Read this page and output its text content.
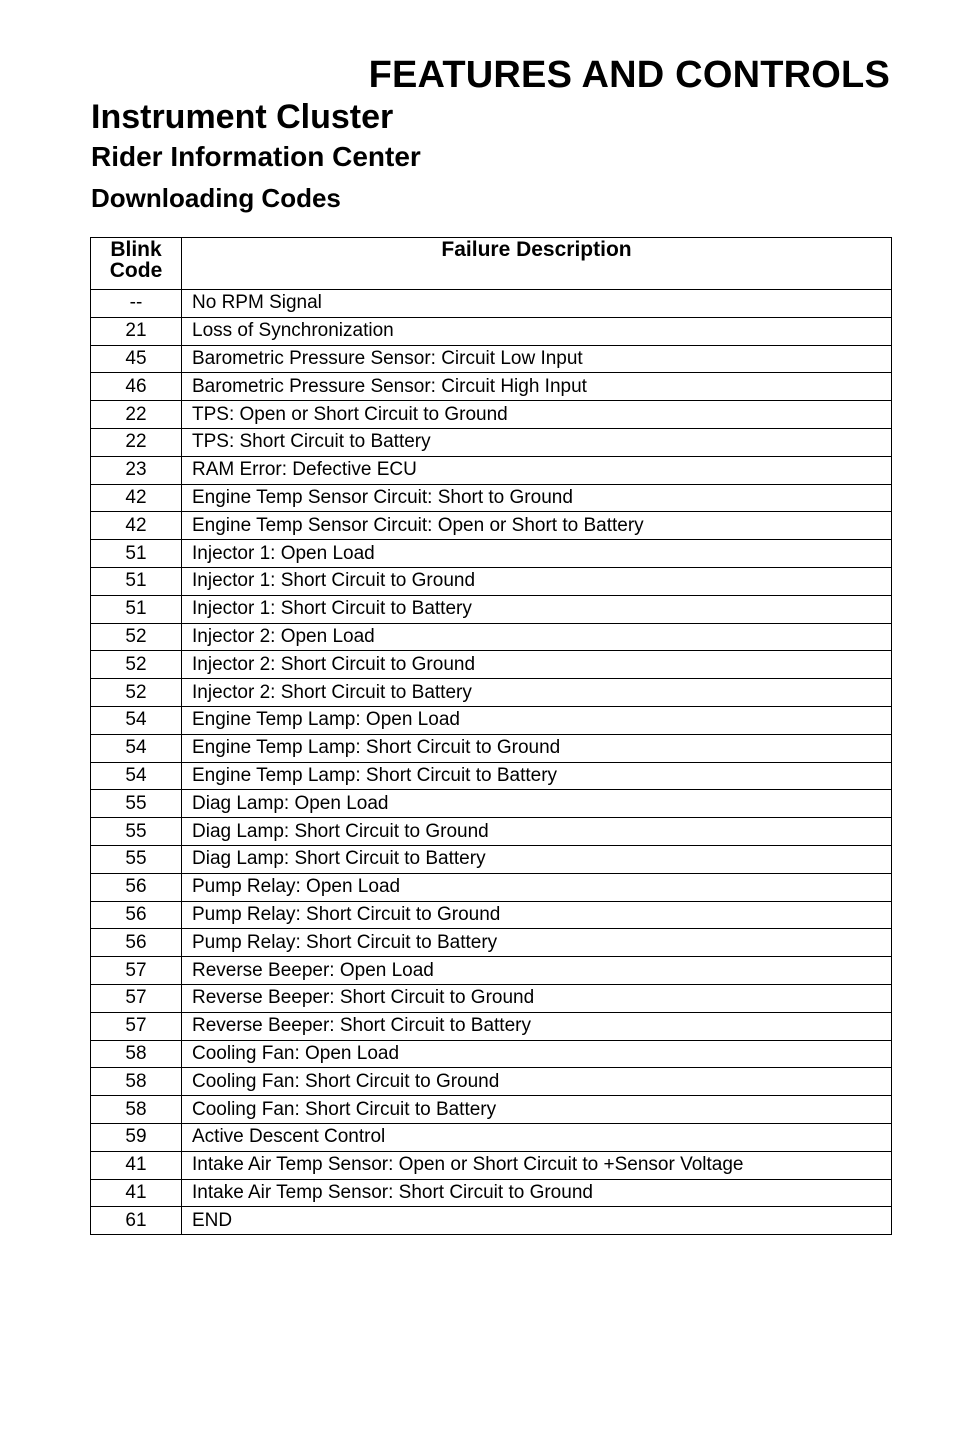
FEATURES AND CONTROLS
Instrument Cluster
Rider Information Center
Downloading Codes
Blink
Code	Failure Description
--	No RPM Signal
21	Loss of Synchronization
45	Barometric Pressure Sensor: Circuit Low Input
46	Barometric Pressure Sensor: Circuit High Input
22	TPS: Open or Short Circuit to Ground
22	TPS: Short Circuit to Battery
23	RAM Error: Defective ECU
42	Engine Temp Sensor Circuit: Short to Ground
42	Engine Temp Sensor Circuit: Open or Short to Battery
51	Injector 1: Open Load
51	Injector 1: Short Circuit to Ground
51	Injector 1: Short Circuit to Battery
52	Injector 2: Open Load
52	Injector 2: Short Circuit to Ground
52	Injector 2: Short Circuit to Battery
54	Engine Temp Lamp: Open Load
54	Engine Temp Lamp: Short Circuit to Ground
54	Engine Temp Lamp: Short Circuit to Battery
55	Diag Lamp: Open Load
55	Diag Lamp: Short Circuit to Ground
55	Diag Lamp: Short Circuit to Battery
56	Pump Relay: Open Load
56	Pump Relay: Short Circuit to Ground
56	Pump Relay: Short Circuit to Battery
57	Reverse Beeper: Open Load
57	Reverse Beeper: Short Circuit to Ground
57	Reverse Beeper: Short Circuit to Battery
58	Cooling Fan: Open Load
58	Cooling Fan: Short Circuit to Ground
58	Cooling Fan: Short Circuit to Battery
59	Active Descent Control
41	Intake Air Temp Sensor: Open or Short Circuit to +Sensor Voltage
41	Intake Air Temp Sensor: Short Circuit to Ground
61	END
